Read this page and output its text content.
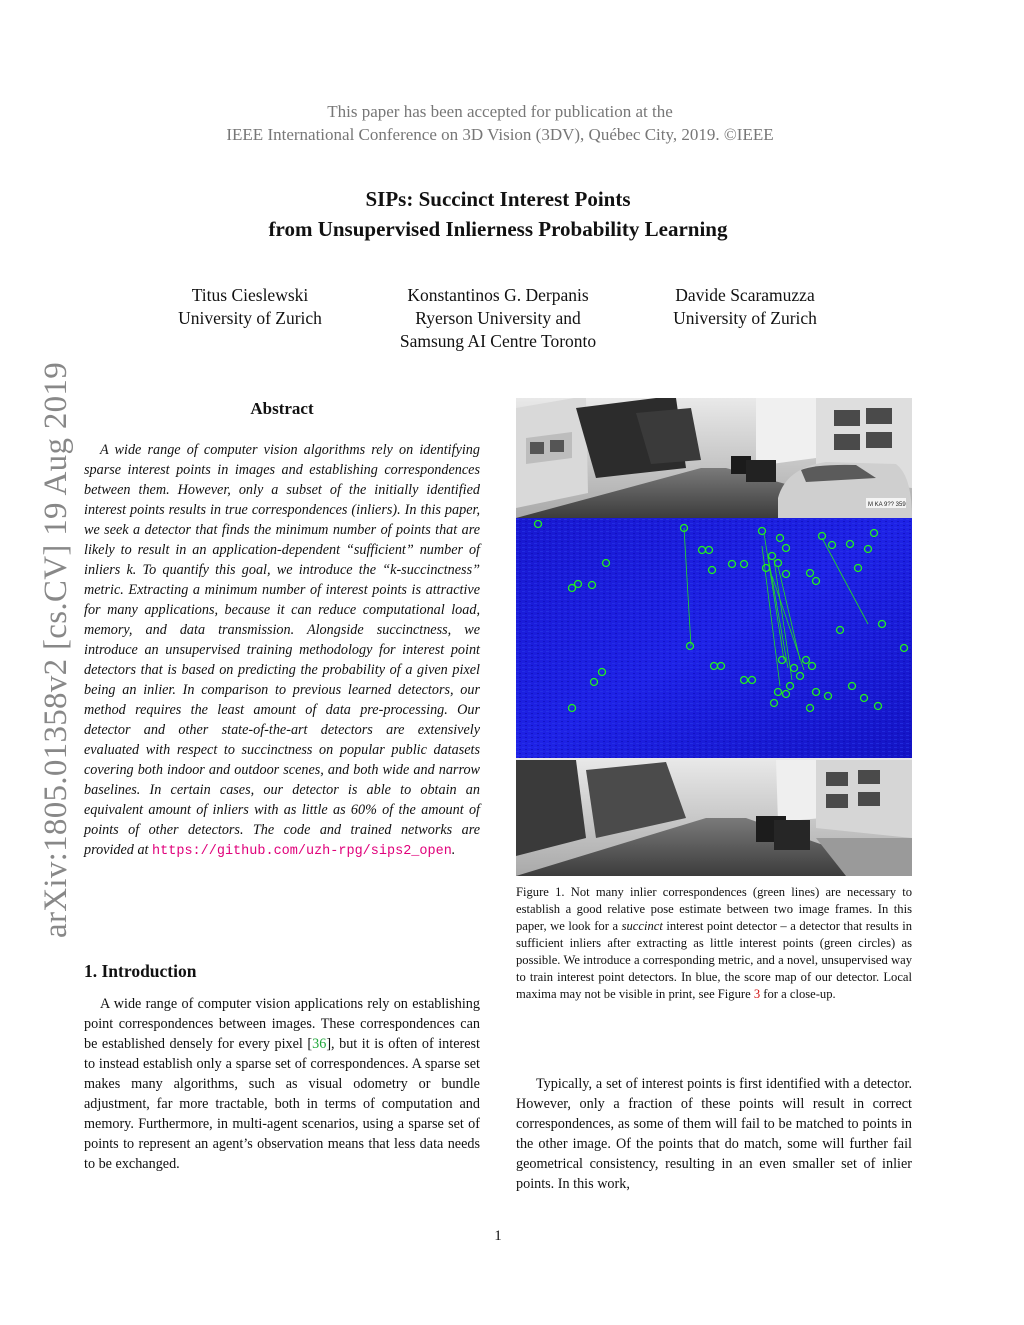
This paper has been accepted for publication at the
IEEE International Conference on 3D Vision (3DV), Québec City, 2019. ©IEEE
SIPs: Succinct Interest Points
from Unsupervised Inlierness Probability Learning
Titus Cieslewski
University of Zurich
Konstantinos G. Derpanis
Ryerson University and
Samsung AI Centre Toronto
Davide Scaramuzza
University of Zurich
arXiv:1805.01358v2 [cs.CV] 19 Aug 2019	Abstract
A wide range of computer vision algorithms rely on identifying sparse interest points in images and establishing correspondences between them. However, only a subset of the initially identified interest points results in true correspondences (inliers). In this paper, we seek a detector that finds the minimum number of points that are likely to result in an application-dependent “sufficient” number of inliers k. To quantify this goal, we introduce the “k-succinctness” metric. Extracting a minimum number of interest points is attractive for many applications, because it can reduce computational load, memory, and data transmission. Alongside succinctness, we introduce an unsupervised training methodology for interest point detectors that is based on predicting the probability of a given pixel being an inlier. In comparison to previous learned detectors, our method requires the least amount of data pre-processing. Our detector and other state-of-the-art detectors are extensively evaluated with respect to succinctness on popular public datasets covering both indoor and outdoor scenes, and both wide and narrow baselines. In certain cases, our detector is able to obtain an equivalent amount of inliers with as little as 60% of the amount of points of other detectors. The code and trained networks are provided at https://github.com/uzh-rpg/sips2_open.
1. Introduction
A wide range of computer vision applications rely on establishing point correspondences between images. These correspondences can be established densely for every pixel [36], but it is often of interest to instead establish only a sparse set of correspondences. A sparse set makes many algorithms, such as visual odometry or bundle adjustment, far more tractable, both in terms of computation and memory. Furthermore, in multi-agent scenarios, using a sparse set of points to represent an agent’s observation means that less data needs to be exchanged.
M KA 9?? 359
Figure 1. Not many inlier correspondences (green lines) are necessary to establish a good relative pose estimate between two image frames. In this paper, we look for a succinct interest point detector – a detector that results in sufficient inliers after extracting as little interest points (green circles) as possible. We introduce a corresponding metric, and a novel, unsupervised way to train interest point detectors. In blue, the score map of our detector. Local maxima may not be visible in print, see Figure 3 for a close-up.
Typically, a set of interest points is first identified with a detector. However, only a fraction of these points will result in correct correspondences, as some of them will fail to be matched to points in the other image. Of the points that do match, some will further fail geometrical consistency, resulting in an even smaller set of inlier points. In this work,
1
